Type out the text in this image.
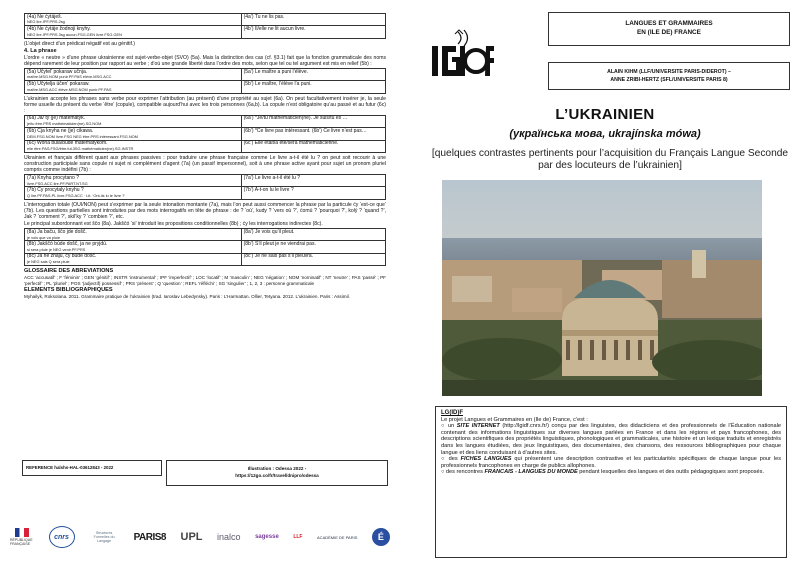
(4a) Ne ćytáješ.
NEG lire.IPF.PRS.2sg	(4a’) Tu ne lis pas.
(4b) Ne ćytáje žodnoji knyhy.
NEG lire.IPF.PRS.3sg aucun.FSG.GEN livre.FSG.GEN	(4b’) Il/elle ne lit aucun livre.
(L’objet direct d’un prédicat négatif est au génitif.)
4. La phrase
L’ordre « neutre » d’une phrase ukrainienne est sujet-verbe-objet (SVO) (5a). Mais la distinction des cas (cf. §3.1) fait que la fonction grammaticale des noms dépend rarement de leur position par rapport au verbe ; d’où une grande liberté dans l’ordre des mots, selon que tel ou tel argument est mis en relief (5b) :
(5a) Učytel’ pokaraw učnja.
maître.MSG.NOM punir.PF.PAS élève.MSG.ACC	(5a’) Le maître a puni l’élève.
(5b) Učytelja účen’ pokaraw.
maître.MSG.ACC élève.MSG.NOM punir.PF.PAS	(5b’) Le maître, l’élève l’a puni.
L’ukrainien accepte les phrases sans verbe pour exprimer l’attribution (au présent) d’une propriété au sujet (6a). On peut facultativement insérer je, la seule forme usuelle du présent du verbe ‘être’ (copule), compatible aujourd’hui avec les trois personnes (6a,b). La copule n’est obligatoire qu’au passé et au futur (6c) :
(6a) Ja/ ty (je) matematyk.
je/tu être.PRS mathématicien(ne).SG.NOM	(6a’) *Je/tu mathématicien(ne). Je suis/tu es …
(6b) Cja knyha ne (je) cikawa.
DEM.FSG.NOM livre.FSG NEG être.PRS intéressant.FSG.NOM	(6b’) *Ce livre pas intéressant. (6b’) Ce livre n’est pas…
(6c) Wona bula/búde matematykom.
elle être.PAS.FSG/être.fut.3SG mathématicien(ne).SG.INSTR	(6c’) Elle était/a été/sera mathématicienne.
Ukrainien et français diffèrent quant aux phrases passives : pour traduire une phrase française comme Le livre a-t-il été lu ? on peut soit recourir à une construction participiale sans copule ni sujet ni complément d’agent (7a) (un passif impersonnel), soit à une phrase active ayant pour sujet un pronom pluriel compris comme indéfini (7b) :
(7a) Knyhu procytano ?
livre.FSG.ACC lire.PF.PART.NT.SG	(7a’) Le livre a-t-il été lu ?
(7b) Ćy procytaly knyhu ?
Q lire.PF.PAS.PL livre.FSG.ACC · Lit. ‘Ont-ils lu le livre ?’	(7b’) A-t-on lu le livre ?
L’interrogation totale (OUI/NON) peut s’exprimer par la seule intonation montante (7a), mais l’on peut aussi commencer la phrase par la particule ćy ‘est-ce que’ (7b). Les questions partielles sont introduites par des mots interrogatifs en tête de phrase : de ? ‘où’, kudy ? ‘vers où ?’, ćomú ? ‘pourquoi ?’, kolý ? ‘quand ?’, Jak ? ‘comment ?’, skil’ky ? ‘combien ?’, etc.
Le principal subordonnant est ščo (8a). Jakščó ‘si’ introduit les propositions conditionnelles (8b) ; ćy les interrogations indirectes (8c).
(8a) Ja baču, ščo jde došč.
je vois que va pluie	(8a’) Je vois qu’il pleut.
(8b) Jakščó búde došč, ja ne pryjdú.
si sera pluie je NEG venir.PF.PRS	(8b’) S’il pleut je ne viendrai pas.
(8c) Ja ne znáju, ćy búde došč.
je NEG sais Q sera pluie	(8c’) Je ne sais pas s’il pleuvra.
GLOSSAIRE DES ABREVIATIONS
ACC ‘accusatif’ ; F ‘féminin’ ; GEN ‘génitif’ ; INSTR ‘instrumental’ ; IPF ‘imperfectif’ ; LOC ‘locatif’ ; M ‘masculin’ ; NEG ‘négation’ ; NOM ‘nominatif’ ; NT ‘neutre’ ; PAS ‘passé’ ; PF ‘perfectif’ ; PL ‘pluriel’ ; POS ‘(adjectif) possessif’ ; PRS ‘présent’ ; Q ‘question’ ; REFL ‘réfléchi’ ; SG ‘singulier’ ; 1, 2, 3 : personne grammaticale
ELEMENTS BIBLIOGRAPHIQUES
Myhailyk, Roksolana. 2011. Grammaire pratique de l’ukrainien (trad. Iaroslav Lebedynsky). Paris : L’Harmattan. Ollier, Tetyana. 2012. L’ukrainien. Paris : Assimil.
REFERENCE halshs-HAL-03612843 - 2022	Illustration : Odessa 2022 -
https://12go.co/fr/travel/dnipro/odessa
RÉPUBLIQUE FRANÇAISE
cnrs
Structures Formelles du Langage	PARIS8 UPL inalco sagesse	LLF	ACADÉMIE DE PARIS	É
LANGUES ET GRAMMAIRES
EN (ILE DE) FRANCE
ALAIN KIHM (LLF/UNIVERSITE PARIS-DIDEROT) –
ANNE ZRIBI-HERTZ (SFL/UNIVERSITE PARIS 8)
L’UKRAINIEN
(українська мова, ukrajínska mówa)
[quelques contrastes pertinents pour l’acquisition du Français Langue Seconde par des locuteurs de l’ukrainien]
LG(ID)F
Le projet Langues et Grammaires en (Ile de) France, c’est :
○ un SITE INTERNET (http://lgidf.cnrs.fr/) conçu par des linguistes, des didacticiens et des professionnels de l’Éducation nationale contenant des informations linguistiques sur diverses langues parlées en France et dans les régions et pays francophones, des descriptions scientifiques des propriétés linguistiques, phonologiques et grammaticales, une histoire et un lexique traduits et enregistrés dans les langues étudiées, des jeux linguistiques, des documentaires, des chansons, des ressources bibliographiques pour chaque langue et des liens conduisant à d’autres sites.
○ des FICHES LANGUES qui présentent une description contrastive et les particularités spécifiques de chaque langue pour les professionnels francophones en charge de publics allophones.
○ des rencontres FRANCAIS - LANGUES DU MONDE pendant lesquelles des langues et des outils pédagogiques sont proposés.
